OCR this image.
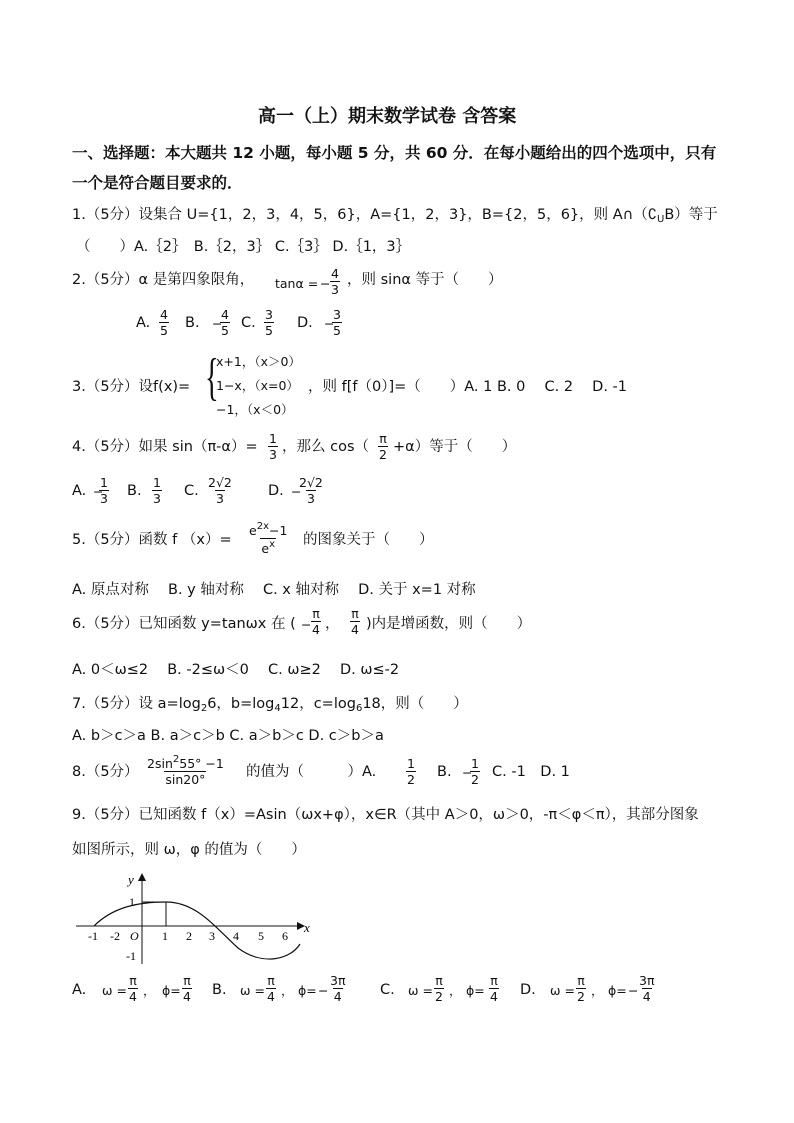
高一（上）期末数学试卷 含答案
一、选择题：本大题共 12 小题，每小题 5 分，共 60 分．在每小题给出的四个选项中，只有
一个是符合题目要求的．
1.（5分）设集合 U={1，2，3，4，5，6}，A={1，2，3}，B={2，5，6}，则 $A\cap(∁_UB)$等于
（　　）A.｛2｝　B.｛2，3｝ C.｛3｝ D.｛1，3｝
2.（5分）α 是第四象限角， tanα = − $\frac{4}{3}$ ，则 sinα 等于（　　）
A. $\frac{4}{5} B$. −
$\frac{4}{5} C$. $\frac{3}{5} D$. −
$\frac{3}{5}$
3.（5分）设f(x)= {
x+1，（x＞0）
1−x，（x=0）
−1，（x＜0）
，则 f[f（0）]=（　　）A. 1 B. 0　 C. 2　 D. -1
4.（5分）如果 $\sin(\pi-\alpha)= \frac{1}{3}$ ，那么 $\cos( \frac{\pi}{2} +\alpha)$等于（　　）
A. −
$\frac{1}{3} B$. $\frac{1}{3} C$. $\frac{2√2}{3} D$. −
$\frac{2√2}{3}$
5.（5分）函数 f $(x)= \frac{e^{2x}-1}{e^x}$ 的图象关于（　　）
A. 原点对称　 B. y 轴对称　 C. x 轴对称　 D. 关于 x=1 对称
6.（5分）已知函数 y=tanωx 在 ( − $\frac{\pi}{4}$ ， $\frac{\pi}{4}$ )内是增函数，则（　　）
A. 0＜ω≤2　 B. -2≤ω＜0　 C. ω≥2　 D. ω≤-2
7.（5分）设 $a=\log_26$，$b=\log_412$，$c=\log_618$，则（　　）
A. b＞c＞a B. a＞c＞b C. a＞b＞c D. c＞b＞a
8.（5分） $\frac{2\sin^255^\circ -1}{\sin 20^\circ}$ 的值为（　　　）A. $\frac{1}{2} B$. −
$\frac{1}{2} C$. -1　D. 1
9.（5分）已知函数 f（x）=Asin（ωx+φ），x∈R（其中 A＞0，ω＞0，-π＜φ＜π），其部分图象
如图所示，则 ω，φ 的值为（　　）
y
x
O
1
-1
-1 -2	1 2 3 4 5 6
A. $\omega = \frac{\pi}{4}$ ， $\phi= \frac{\pi}{4} B$. $\omega = \frac{\pi}{4}$ ， $\phi= - \frac{3\pi}{4} C$. $\omega = \frac{\pi}{2}$ ， $\phi= \frac{\pi}{4} D$. $\omega = \frac{\pi}{2}$ ， $\phi= - \frac{3\pi}{4}$
